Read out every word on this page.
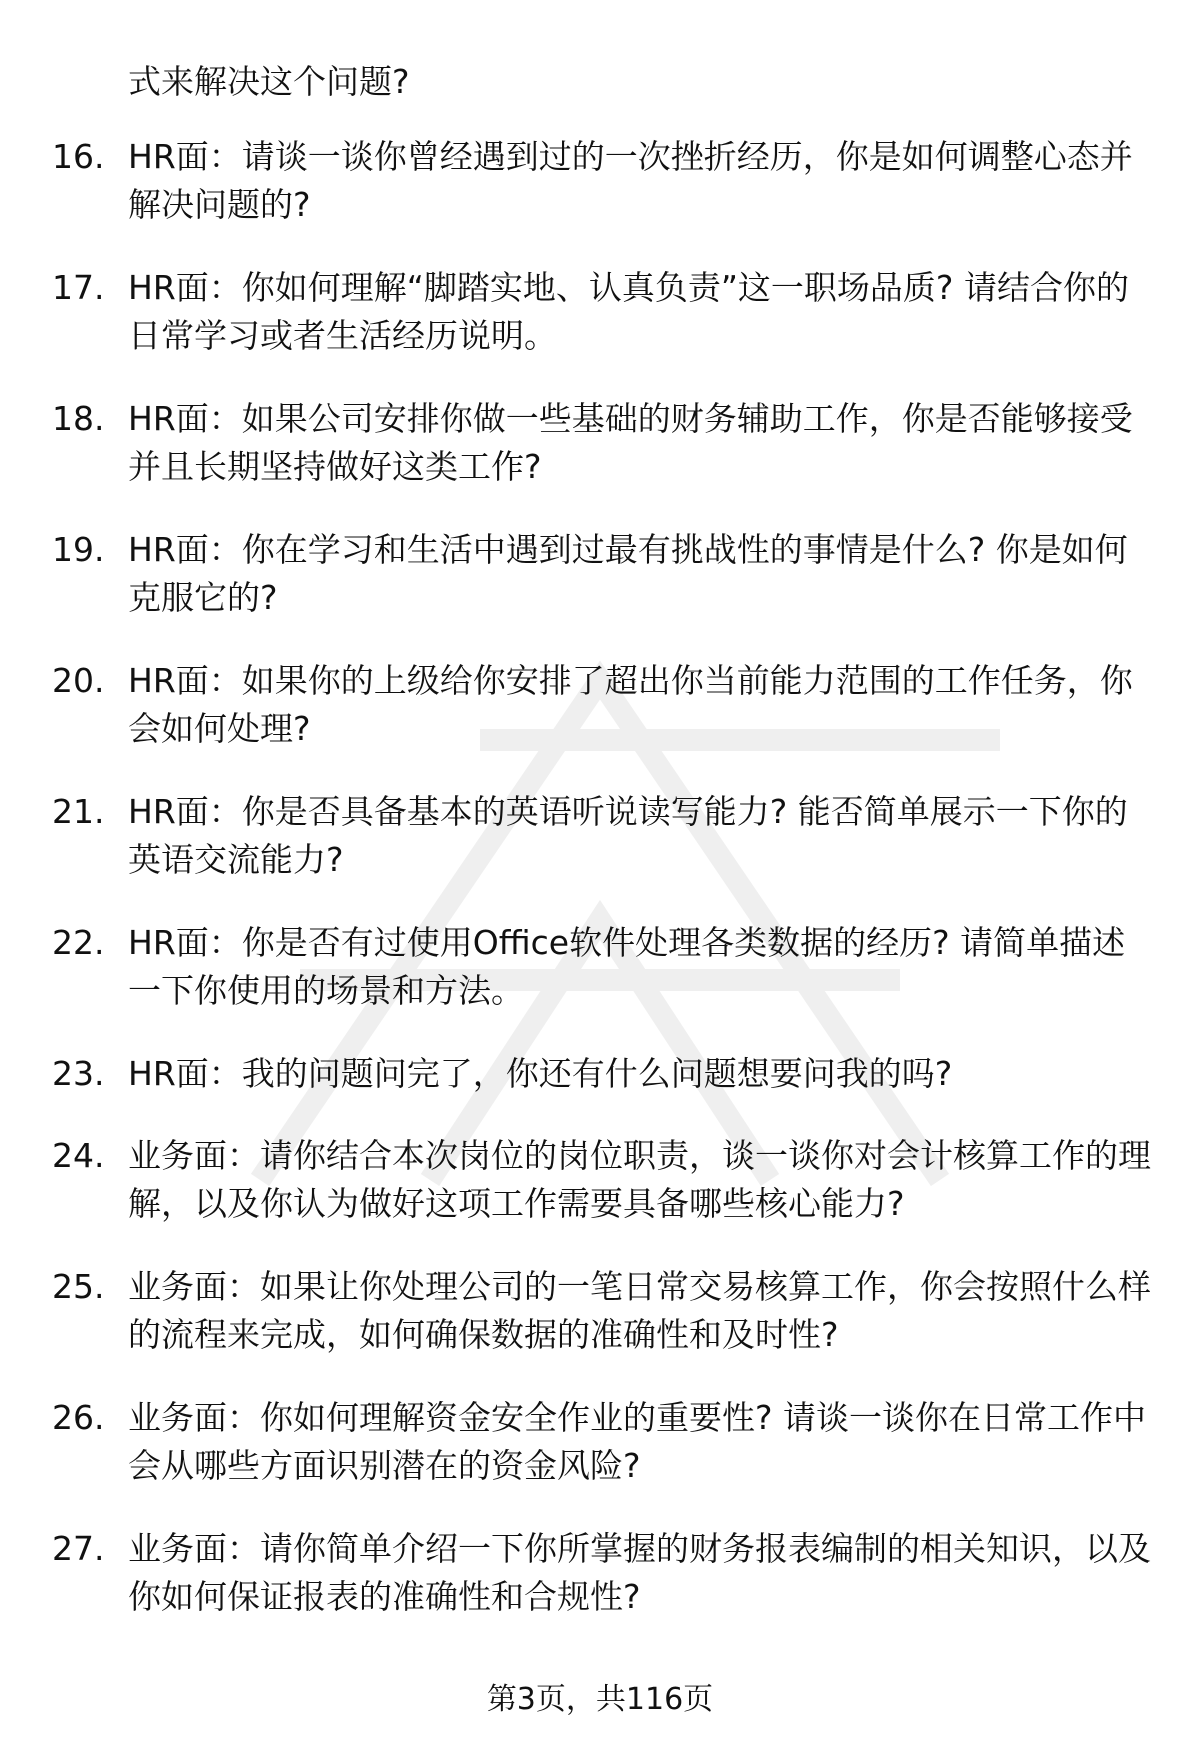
式来解决这个问题?
16. HR面：请谈一谈你曾经遇到过的一次挫折经历，你是如何调整心态并解决问题的?
17. HR面：你如何理解“脚踏实地、认真负责”这一职场品质? 请结合你的日常学习或者生活经历说明。
18. HR面：如果公司安排你做一些基础的财务辅助工作，你是否能够接受并且长期坚持做好这类工作?
19. HR面：你在学习和生活中遇到过最有挑战性的事情是什么? 你是如何克服它的?
20. HR面：如果你的上级给你安排了超出你当前能力范围的工作任务，你会如何处理?
21. HR面：你是否具备基本的英语听说读写能力? 能否简单展示一下你的英语交流能力?
22. HR面：你是否有过使用Office软件处理各类数据的经历? 请简单描述一下你使用的场景和方法。
23. HR面：我的问题问完了，你还有什么问题想要问我的吗?
24. 业务面：请你结合本次岗位的岗位职责，谈一谈你对会计核算工作的理解，以及你认为做好这项工作需要具备哪些核心能力?
25. 业务面：如果让你处理公司的一笔日常交易核算工作，你会按照什么样的流程来完成，如何确保数据的准确性和及时性?
26. 业务面：你如何理解资金安全作业的重要性? 请谈一谈你在日常工作中会从哪些方面识别潜在的资金风险?
27. 业务面：请你简单介绍一下你所掌握的财务报表编制的相关知识，以及你如何保证报表的准确性和合规性?
第3页，共116页
